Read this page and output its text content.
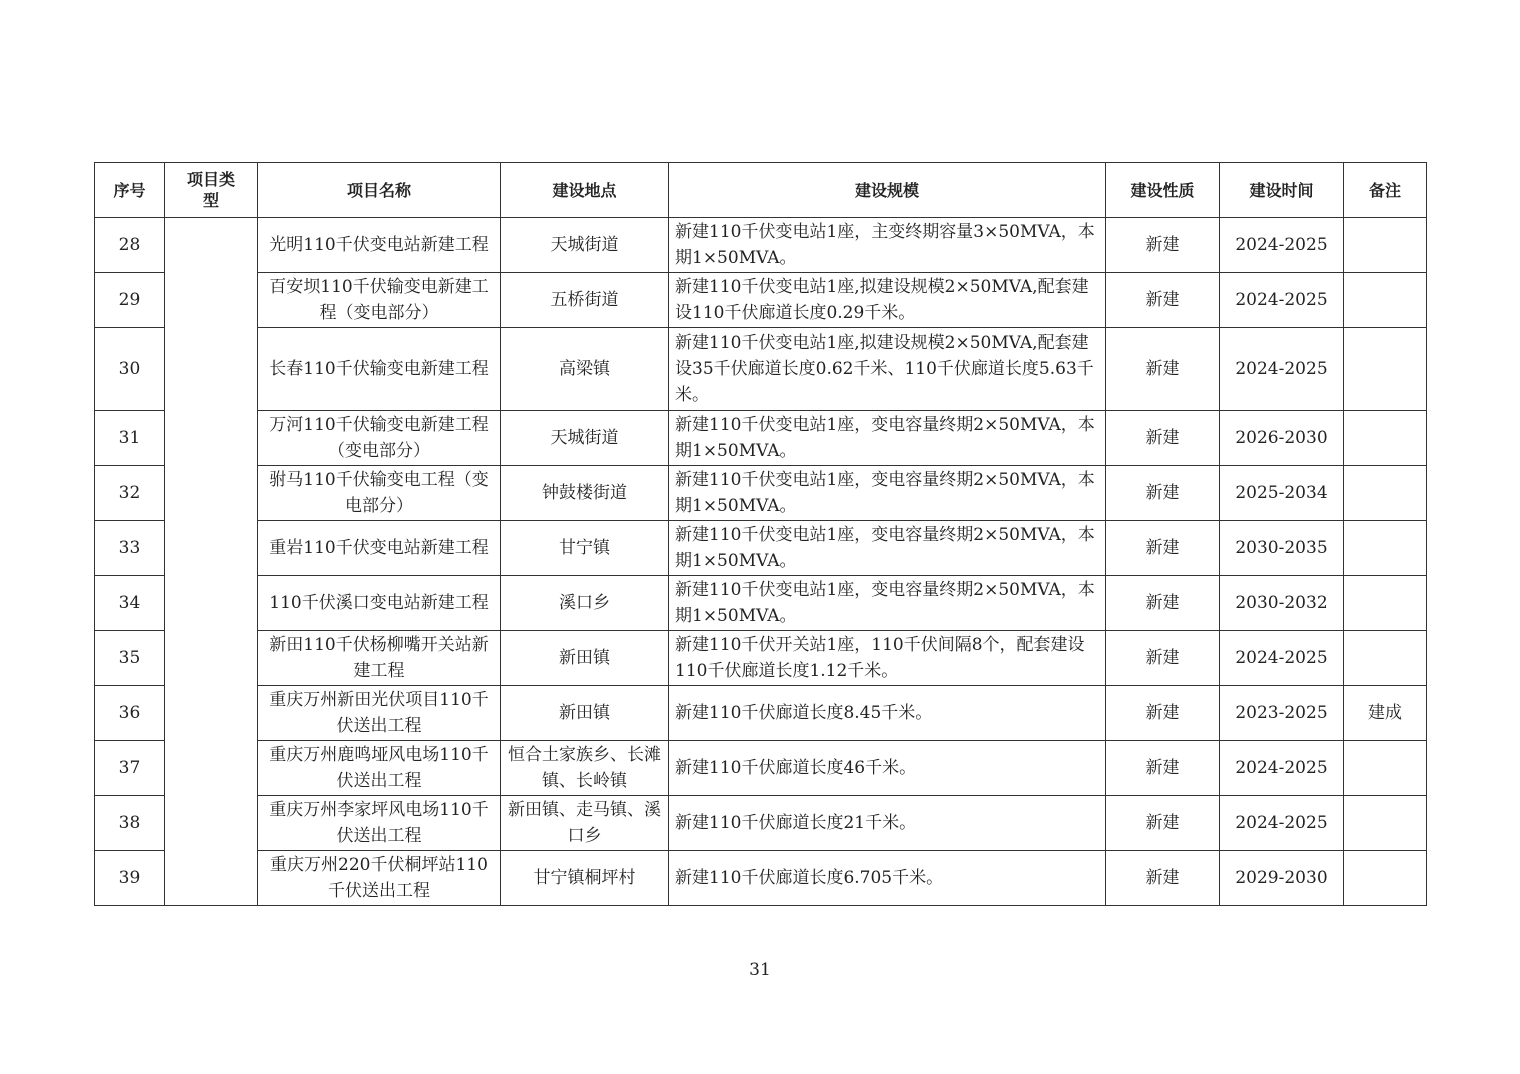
序号	项目类型	项目名称	建设地点	建设规模	建设性质	建设时间	备注
28		光明110千伏变电站新建工程	天城街道	新建110千伏变电站1座，主变终期容量3×50MVA，本期1×50MVA。	新建	2024-2025	
29		百安坝110千伏输变电新建工程（变电部分）	五桥街道	新建110千伏变电站1座,拟建设规模2×50MVA,配套建设110千伏廊道长度0.29千米。	新建	2024-2025	
30		长春110千伏输变电新建工程	高梁镇	新建110千伏变电站1座,拟建设规模2×50MVA,配套建设35千伏廊道长度0.62千米、110千伏廊道长度5.63千米。	新建	2024-2025	
31		万河110千伏输变电新建工程（变电部分）	天城街道	新建110千伏变电站1座，变电容量终期2×50MVA，本期1×50MVA。	新建	2026-2030	
32		驸马110千伏输变电工程（变电部分）	钟鼓楼街道	新建110千伏变电站1座，变电容量终期2×50MVA，本期1×50MVA。	新建	2025-2034	
33		重岩110千伏变电站新建工程	甘宁镇	新建110千伏变电站1座，变电容量终期2×50MVA，本期1×50MVA。	新建	2030-2035	
34		110千伏溪口变电站新建工程	溪口乡	新建110千伏变电站1座，变电容量终期2×50MVA，本期1×50MVA。	新建	2030-2032	
35		新田110千伏杨柳嘴开关站新建工程	新田镇	新建110千伏开关站1座，110千伏间隔8个，配套建设110千伏廊道长度1.12千米。	新建	2024-2025	
36		重庆万州新田光伏项目110千伏送出工程	新田镇	新建110千伏廊道长度8.45千米。	新建	2023-2025	建成
37		重庆万州鹿鸣垭风电场110千伏送出工程	恒合土家族乡、长滩镇、长岭镇	新建110千伏廊道长度46千米。	新建	2024-2025	
38		重庆万州李家坪风电场110千伏送出工程	新田镇、走马镇、溪口乡	新建110千伏廊道长度21千米。	新建	2024-2025	
39		重庆万州220千伏桐坪站110千伏送出工程	甘宁镇桐坪村	新建110千伏廊道长度6.705千米。	新建	2029-2030	
31
